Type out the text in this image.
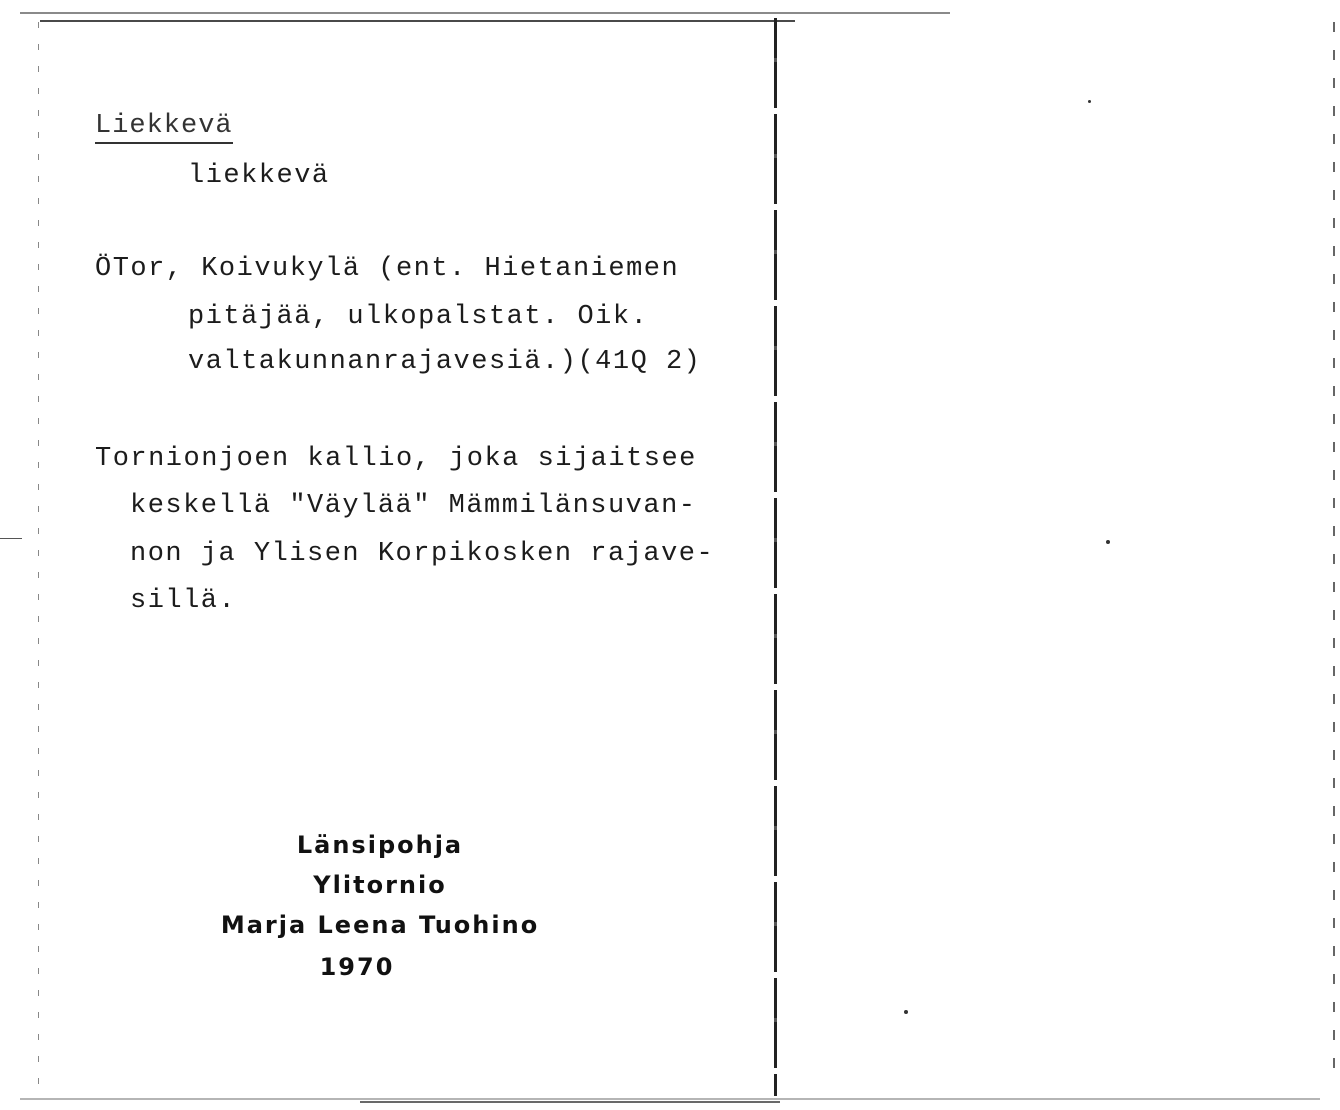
Liekkevä
liekkevä
ÖTor, Koivukylä (ent. Hietaniemen
pitäjää, ulkopalstat. Oik.
valtakunnanrajavesiä.)(41Q 2)
Tornionjoen kallio, joka sijaitsee
keskellä "Väylää" Mämmilänsuvan-
non ja Ylisen Korpikosken rajave-
sillä.
Länsipohja
Ylitornio
Marja Leena Tuohino
1970
